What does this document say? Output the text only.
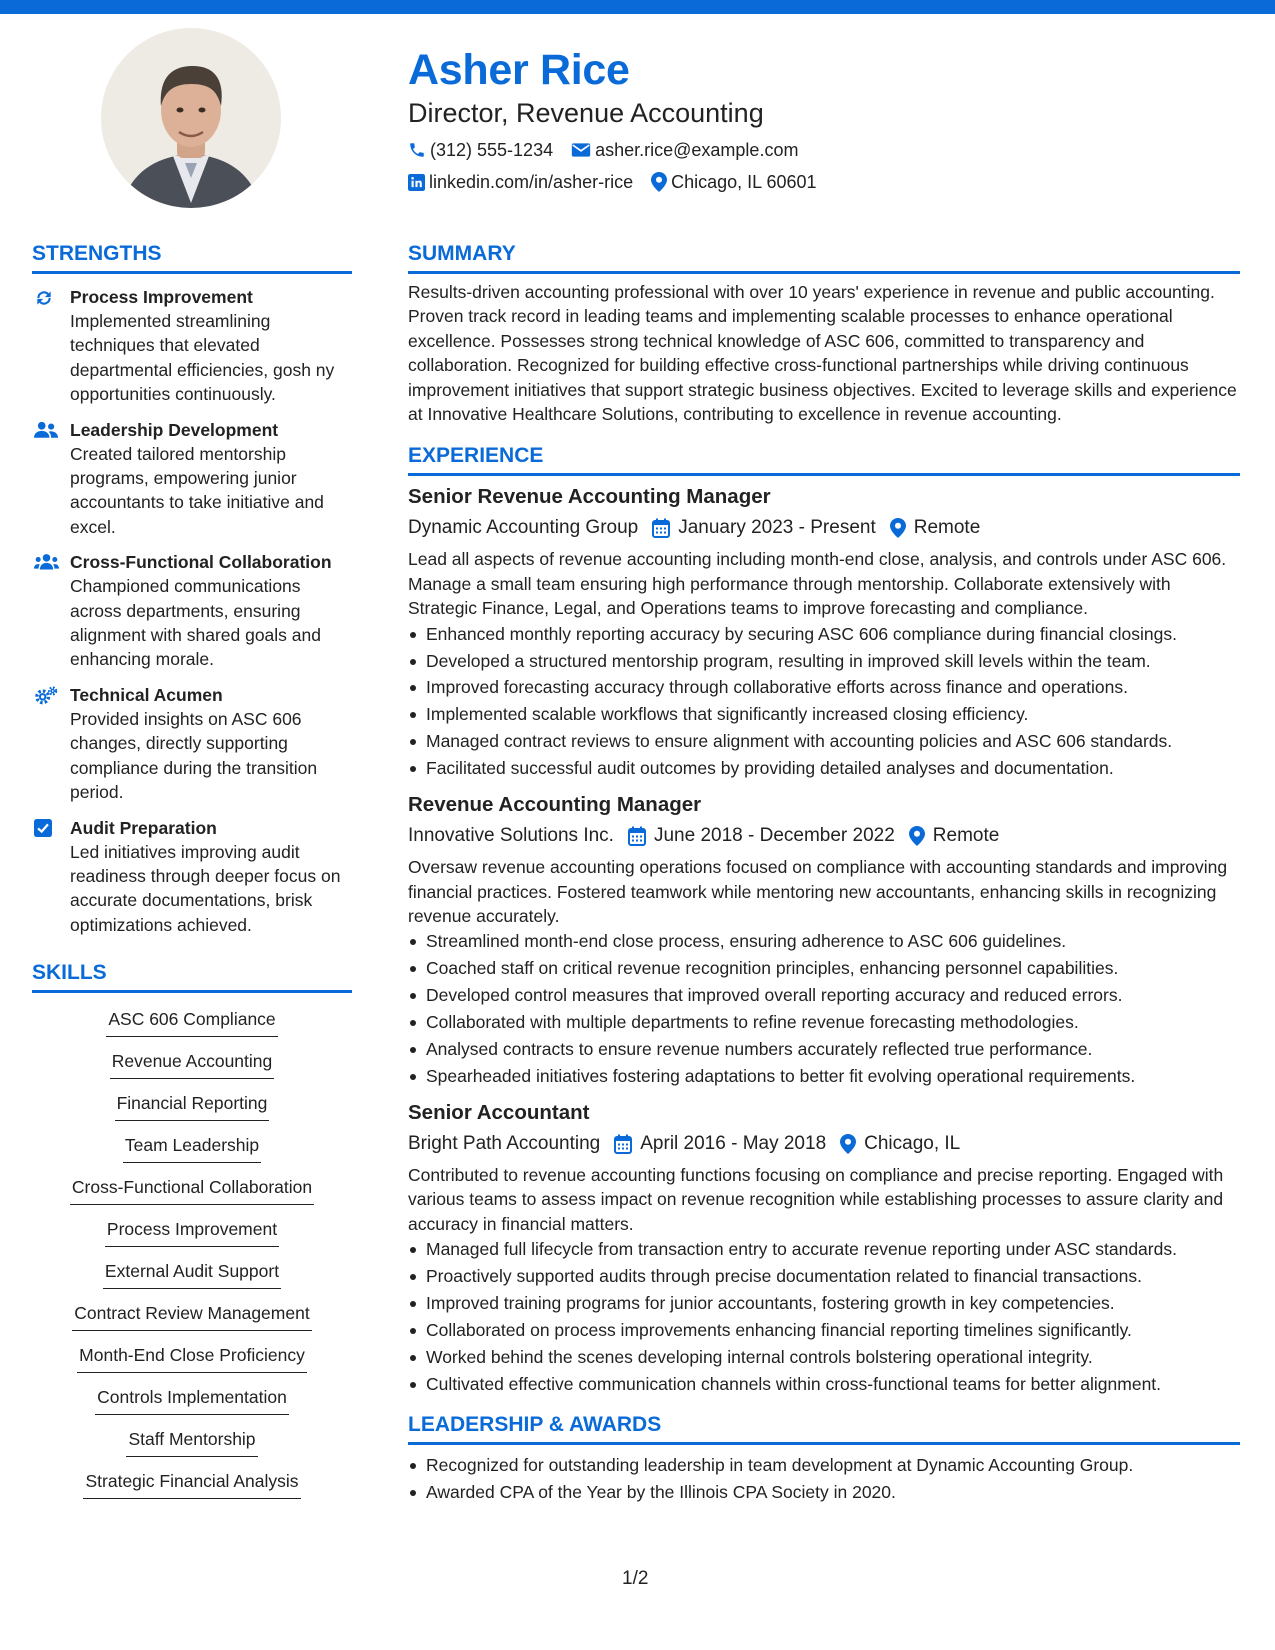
Asher Rice
Director, Revenue Accounting
(312) 555-1234 asher.rice@example.com
linkedin.com/in/asher-rice Chicago, IL 60601
STRENGTHS
Process Improvement
Implemented streamlining techniques that elevated departmental efficiencies, gosh ny opportunities continuously.
Leadership Development
Created tailored mentorship programs, empowering junior accountants to take initiative and excel.
Cross-Functional Collaboration
Championed communications across departments, ensuring alignment with shared goals and enhancing morale.
Technical Acumen
Provided insights on ASC 606 changes, directly supporting compliance during the transition period.
Audit Preparation
Led initiatives improving audit readiness through deeper focus on accurate documentations, brisk optimizations achieved.
SKILLS
ASC 606 Compliance
Revenue Accounting
Financial Reporting
Team Leadership
Cross-Functional Collaboration
Process Improvement
External Audit Support
Contract Review Management
Month-End Close Proficiency
Controls Implementation
Staff Mentorship
Strategic Financial Analysis
SUMMARY
Results-driven accounting professional with over 10 years' experience in revenue and public accounting. Proven track record in leading teams and implementing scalable processes to enhance operational excellence. Possesses strong technical knowledge of ASC 606, committed to transparency and collaboration. Recognized for building effective cross-functional partnerships while driving continuous improvement initiatives that support strategic business objectives. Excited to leverage skills and experience at Innovative Healthcare Solutions, contributing to excellence in revenue accounting.
EXPERIENCE
Senior Revenue Accounting Manager
Dynamic Accounting Group January 2023 - Present Remote
Lead all aspects of revenue accounting including month-end close, analysis, and controls under ASC 606. Manage a small team ensuring high performance through mentorship. Collaborate extensively with Strategic Finance, Legal, and Operations teams to improve forecasting and compliance.
Enhanced monthly reporting accuracy by securing ASC 606 compliance during financial closings.
Developed a structured mentorship program, resulting in improved skill levels within the team.
Improved forecasting accuracy through collaborative efforts across finance and operations.
Implemented scalable workflows that significantly increased closing efficiency.
Managed contract reviews to ensure alignment with accounting policies and ASC 606 standards.
Facilitated successful audit outcomes by providing detailed analyses and documentation.
Revenue Accounting Manager
Innovative Solutions Inc. June 2018 - December 2022 Remote
Oversaw revenue accounting operations focused on compliance with accounting standards and improving financial practices. Fostered teamwork while mentoring new accountants, enhancing skills in recognizing revenue accurately.
Streamlined month-end close process, ensuring adherence to ASC 606 guidelines.
Coached staff on critical revenue recognition principles, enhancing personnel capabilities.
Developed control measures that improved overall reporting accuracy and reduced errors.
Collaborated with multiple departments to refine revenue forecasting methodologies.
Analysed contracts to ensure revenue numbers accurately reflected true performance.
Spearheaded initiatives fostering adaptations to better fit evolving operational requirements.
Senior Accountant
Bright Path Accounting April 2016 - May 2018 Chicago, IL
Contributed to revenue accounting functions focusing on compliance and precise reporting. Engaged with various teams to assess impact on revenue recognition while establishing processes to assure clarity and accuracy in financial matters.
Managed full lifecycle from transaction entry to accurate revenue reporting under ASC standards.
Proactively supported audits through precise documentation related to financial transactions.
Improved training programs for junior accountants, fostering growth in key competencies.
Collaborated on process improvements enhancing financial reporting timelines significantly.
Worked behind the scenes developing internal controls bolstering operational integrity.
Cultivated effective communication channels within cross-functional teams for better alignment.
LEADERSHIP & AWARDS
Recognized for outstanding leadership in team development at Dynamic Accounting Group.
Awarded CPA of the Year by the Illinois CPA Society in 2020.
1/2
